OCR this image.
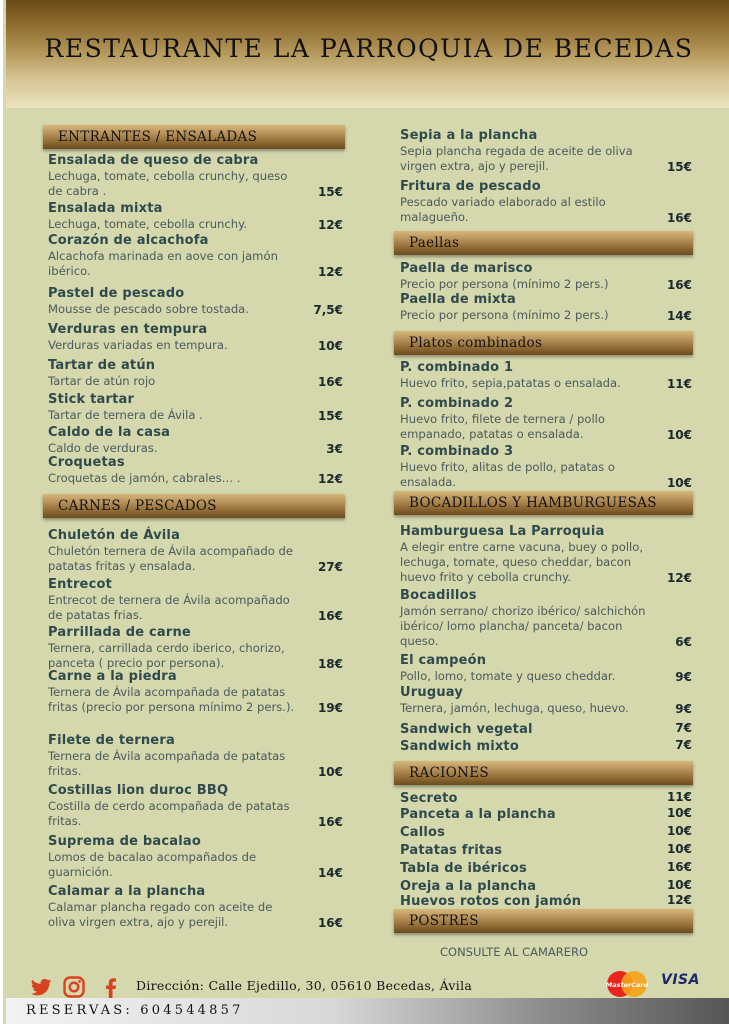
RESTAURANTE LA PARROQUIA DE BECEDAS
ENTRANTES / ENSALADAS
Ensalada de queso de cabra
Lechuga, tomate, cebolla crunchy, queso de cabra .	15€
Ensalada mixta
Lechuga, tomate, cebolla crunchy.	12€
Corazón de alcachofa
Alcachofa marinada en aove con jamón ibérico.	12€
Pastel de pescado
Mousse de pescado sobre tostada.	7,5€
Verduras en tempura
Verduras variadas en tempura.	10€
Tartar de atún
Tartar de atún rojo	16€
Stick tartar
Tartar de ternera de Ávila .	15€
Caldo de la casa
Caldo de verduras.	3€
Croquetas
Croquetas de jamón, cabrales… .	12€
CARNES / PESCADOS
Chuletón de Ávila
Chuletón ternera de Ávila acompañado de patatas fritas y ensalada.	27€
Entrecot
Entrecot de ternera de Ávila acompañado de patatas frias.	16€
Parrillada de carne
Ternera, carrillada cerdo iberico, chorizo, panceta ( precio por persona).	18€
Carne a la piedra
Ternera de Ávila acompañada de patatas fritas (precio por persona mínimo 2 pers.).	19€
Filete de ternera
Ternera de Ávila acompañada de patatas fritas.	10€
Costillas lion duroc BBQ
Costilla de cerdo acompañada de patatas fritas.	16€
Suprema de bacalao
Lomos de bacalao acompañados de guarnición.	14€
Calamar a la plancha
Calamar plancha regado con aceite de oliva virgen extra, ajo y perejil.	16€
Sepia a la plancha
Sepia plancha regada de aceite de oliva virgen extra, ajo y perejil.	15€
Fritura de pescado
Pescado variado elaborado al estilo malagueño.	16€
Paellas
Paella de marisco
Precio por persona (mínimo 2 pers.)	16€
Paella de mixta
Precio por persona (mínimo 2 pers.)	14€
Platos combinados
P. combinado 1
Huevo frito, sepia,patatas o ensalada.	11€
P. combinado 2
Huevo frito, filete de ternera / pollo empanado, patatas o ensalada.	10€
P. combinado 3
Huevo frito, alitas de pollo, patatas o ensalada.	10€
BOCADILLOS Y HAMBURGUESAS
Hamburguesa La Parroquia
A elegir entre carne vacuna, buey o pollo, lechuga, tomate, queso cheddar, bacon huevo frito y cebolla crunchy.	12€
Bocadillos
Jamón serrano/ chorizo ibérico/ salchichón ibérico/ lomo plancha/ panceta/ bacon queso.	6€
El campeón
Pollo, lomo, tomate y queso cheddar.	9€
Uruguay
Ternera, jamón, lechuga, queso, huevo.	9€
Sandwich vegetal	7€
Sandwich mixto	7€
RACIONES
Secreto	11€
Panceta a la plancha	10€
Callos	10€
Patatas fritas	10€
Tabla de ibéricos	16€
Oreja a la plancha	10€
Huevos rotos con jamón	12€
POSTRES
CONSULTE AL CAMARERO
Dirección: Calle Ejedillo, 30, 05610 Becedas, Ávila	MasterCard VISA
RESERVAS: 604544857
